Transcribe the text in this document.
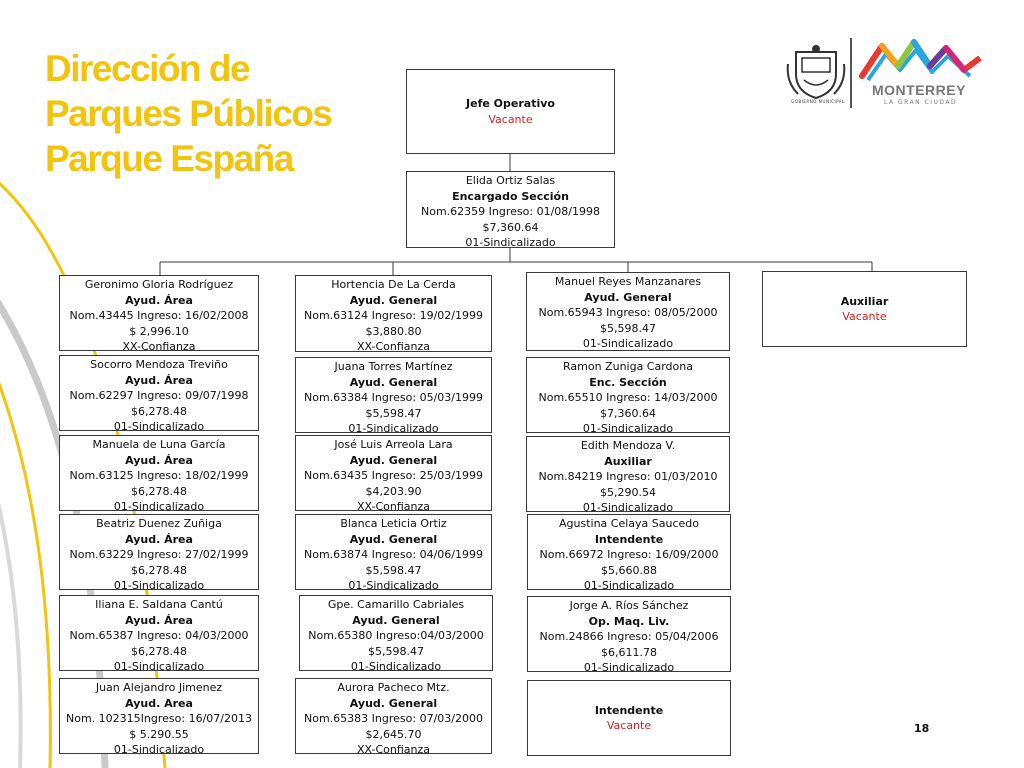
Dirección de
Parques Públicos
Parque España
GOBIERNO MUNICIPAL
MONTERREY
LA GRAN CIUDAD
Jefe Operativo
Vacante
Elida Ortiz Salas
Encargado Sección
Nom.62359 Ingreso: 01/08/1998
$7,360.64
01-Sindicalizado
Geronimo Gloria Rodríguez
Ayud. Área
Nom.43445 Ingreso: 16/02/2008
$ 2,996.10
XX-Confianza
Socorro Mendoza Treviño
Ayud. Área
Nom.62297 Ingreso: 09/07/1998
$6,278.48
01-Sindicalizado
Manuela de Luna García
Ayud. Área
Nom.63125 Ingreso: 18/02/1999
$6,278.48
01-Sindicalizado
Beatriz Duenez Zuñiga
Ayud. Área
Nom.63229 Ingreso: 27/02/1999
$6,278.48
01-Sindicalizado
Iliana E. Saldana Cantú
Ayud. Área
Nom.65387 Ingreso: 04/03/2000
$6,278.48
01-Sindicalizado
Juan Alejandro Jimenez
Ayud. Area
Nom. 102315Ingreso: 16/07/2013
$ 5.290.55
01-Sindicalizado
Hortencia De La Cerda
Ayud. General
Nom.63124 Ingreso: 19/02/1999
$3,880.80
XX-Confianza
Juana Torres Martínez
Ayud. General
Nom.63384 Ingreso: 05/03/1999
$5,598.47
01-Sindicalizado
José Luis Arreola Lara
Ayud. General
Nom.63435 Ingreso: 25/03/1999
$4,203.90
XX-Confianza
Blanca Leticia Ortiz
Ayud. General
Nom.63874 Ingreso: 04/06/1999
$5,598.47
01-Sindicalizado
Gpe. Camarillo Cabriales
Ayud. General
Nom.65380 Ingreso:04/03/2000
$5,598.47
01-Sindicalizado
Aurora Pacheco Mtz.
Ayud. General
Nom.65383 Ingreso: 07/03/2000
$2,645.70
XX-Confianza
Manuel Reyes Manzanares
Ayud. General
Nom.65943 Ingreso: 08/05/2000
$5,598.47
01-Sindicalizado
Ramon Zuniga Cardona
Enc. Sección
Nom.65510 Ingreso: 14/03/2000
$7,360.64
01-Sindicalizado
Edith Mendoza V.
Auxiliar
Nom.84219 Ingreso: 01/03/2010
$5,290.54
01-Sindicalizado
Agustina Celaya Saucedo
Intendente
Nom.66972 Ingreso: 16/09/2000
$5,660.88
01-Sindicalizado
Jorge A. Ríos Sánchez
Op. Maq. Liv.
Nom.24866 Ingreso: 05/04/2006
$6,611.78
01-Sindicalizado
Intendente
Vacante
Auxiliar
Vacante
18
